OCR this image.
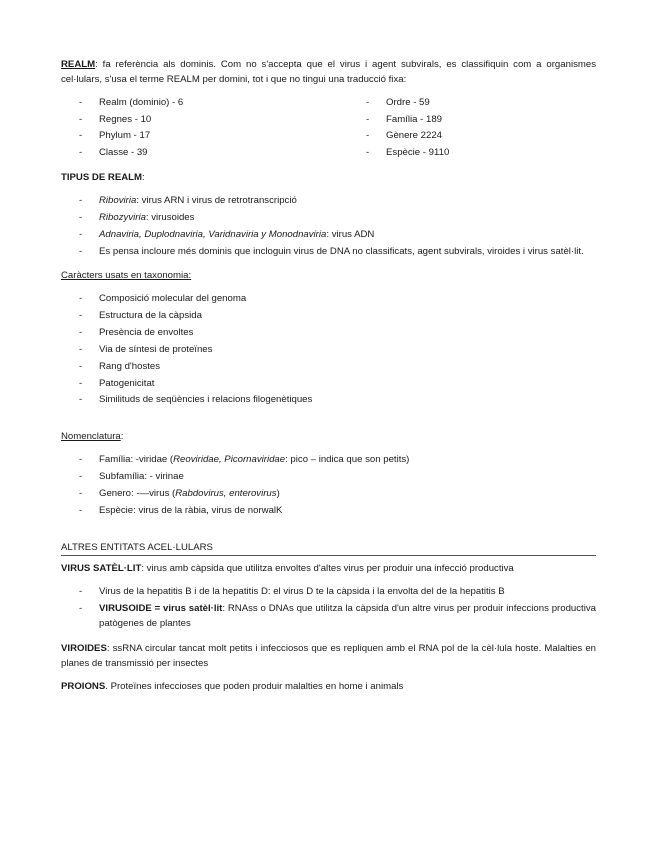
REALM: fa referència als dominis. Com no s'accepta que el virus i agent subvirals, es classifiquin com a organismes cel·lulars, s'usa el terme REALM per domini, tot i que no tingui una traducció fixa:

- Realm (dominio) - 6
- Regnes - 10
- Phylum - 17
- Classe - 39
- Ordre - 59
- Família - 189
- Gènere 2224
- Espècie - 9110

TIPUS DE REALM:

- Riboviria: virus ARN i virus de retrotranscripció
- Ribozyviria: virusoides
- Adnaviria, Duplodnaviria, Varidnaviria y Monodnaviria: virus ADN
- Es pensa incloure més dominis que incloguin virus de DNA no classificats, agent subvirals, viroides i virus satèl·lit.

Caràcters usats en taxonomia:

- Composició molecular del genoma
- Estructura de la càpsida
- Presència de envoltes
- Via de síntesi de proteïnes
- Rang d'hostes
- Patogenicitat
- Similituds de seqüències i relacions filogenètiques

Nomenclatura:

- Família: -viridae (Reoviridae, Picornaviridae: pico – indica que son petits)
- Subfamília: - virinae
- Genero: -—virus (Rabdovirus, enterovirus)
- Espècie: virus de la ràbia, virus de norwalK

ALTRES ENTITATS ACEL·LULARS

VIRUS SATÈL·LIT: virus amb càpsida que utilitza envoltes d'altes virus per produir una infecció productiva

- Virus de la hepatitis B i de la hepatitis D: el virus D te la càpsida i la envolta del de la hepatitis B
- VIRUSOIDE = virus satèl·lit: RNAss o DNAs que utilitza la càpsida d'un altre virus per produir infeccions productiva patògenes de plantes

VIROIDES: ssRNA circular tancat molt petits i infecciosos que es repliquen amb el RNA pol de la cèl·lula hoste. Malalties en planes de transmissió per insectes

PROIONS. Proteïnes infeccioses que poden produir malalties en home i animals
